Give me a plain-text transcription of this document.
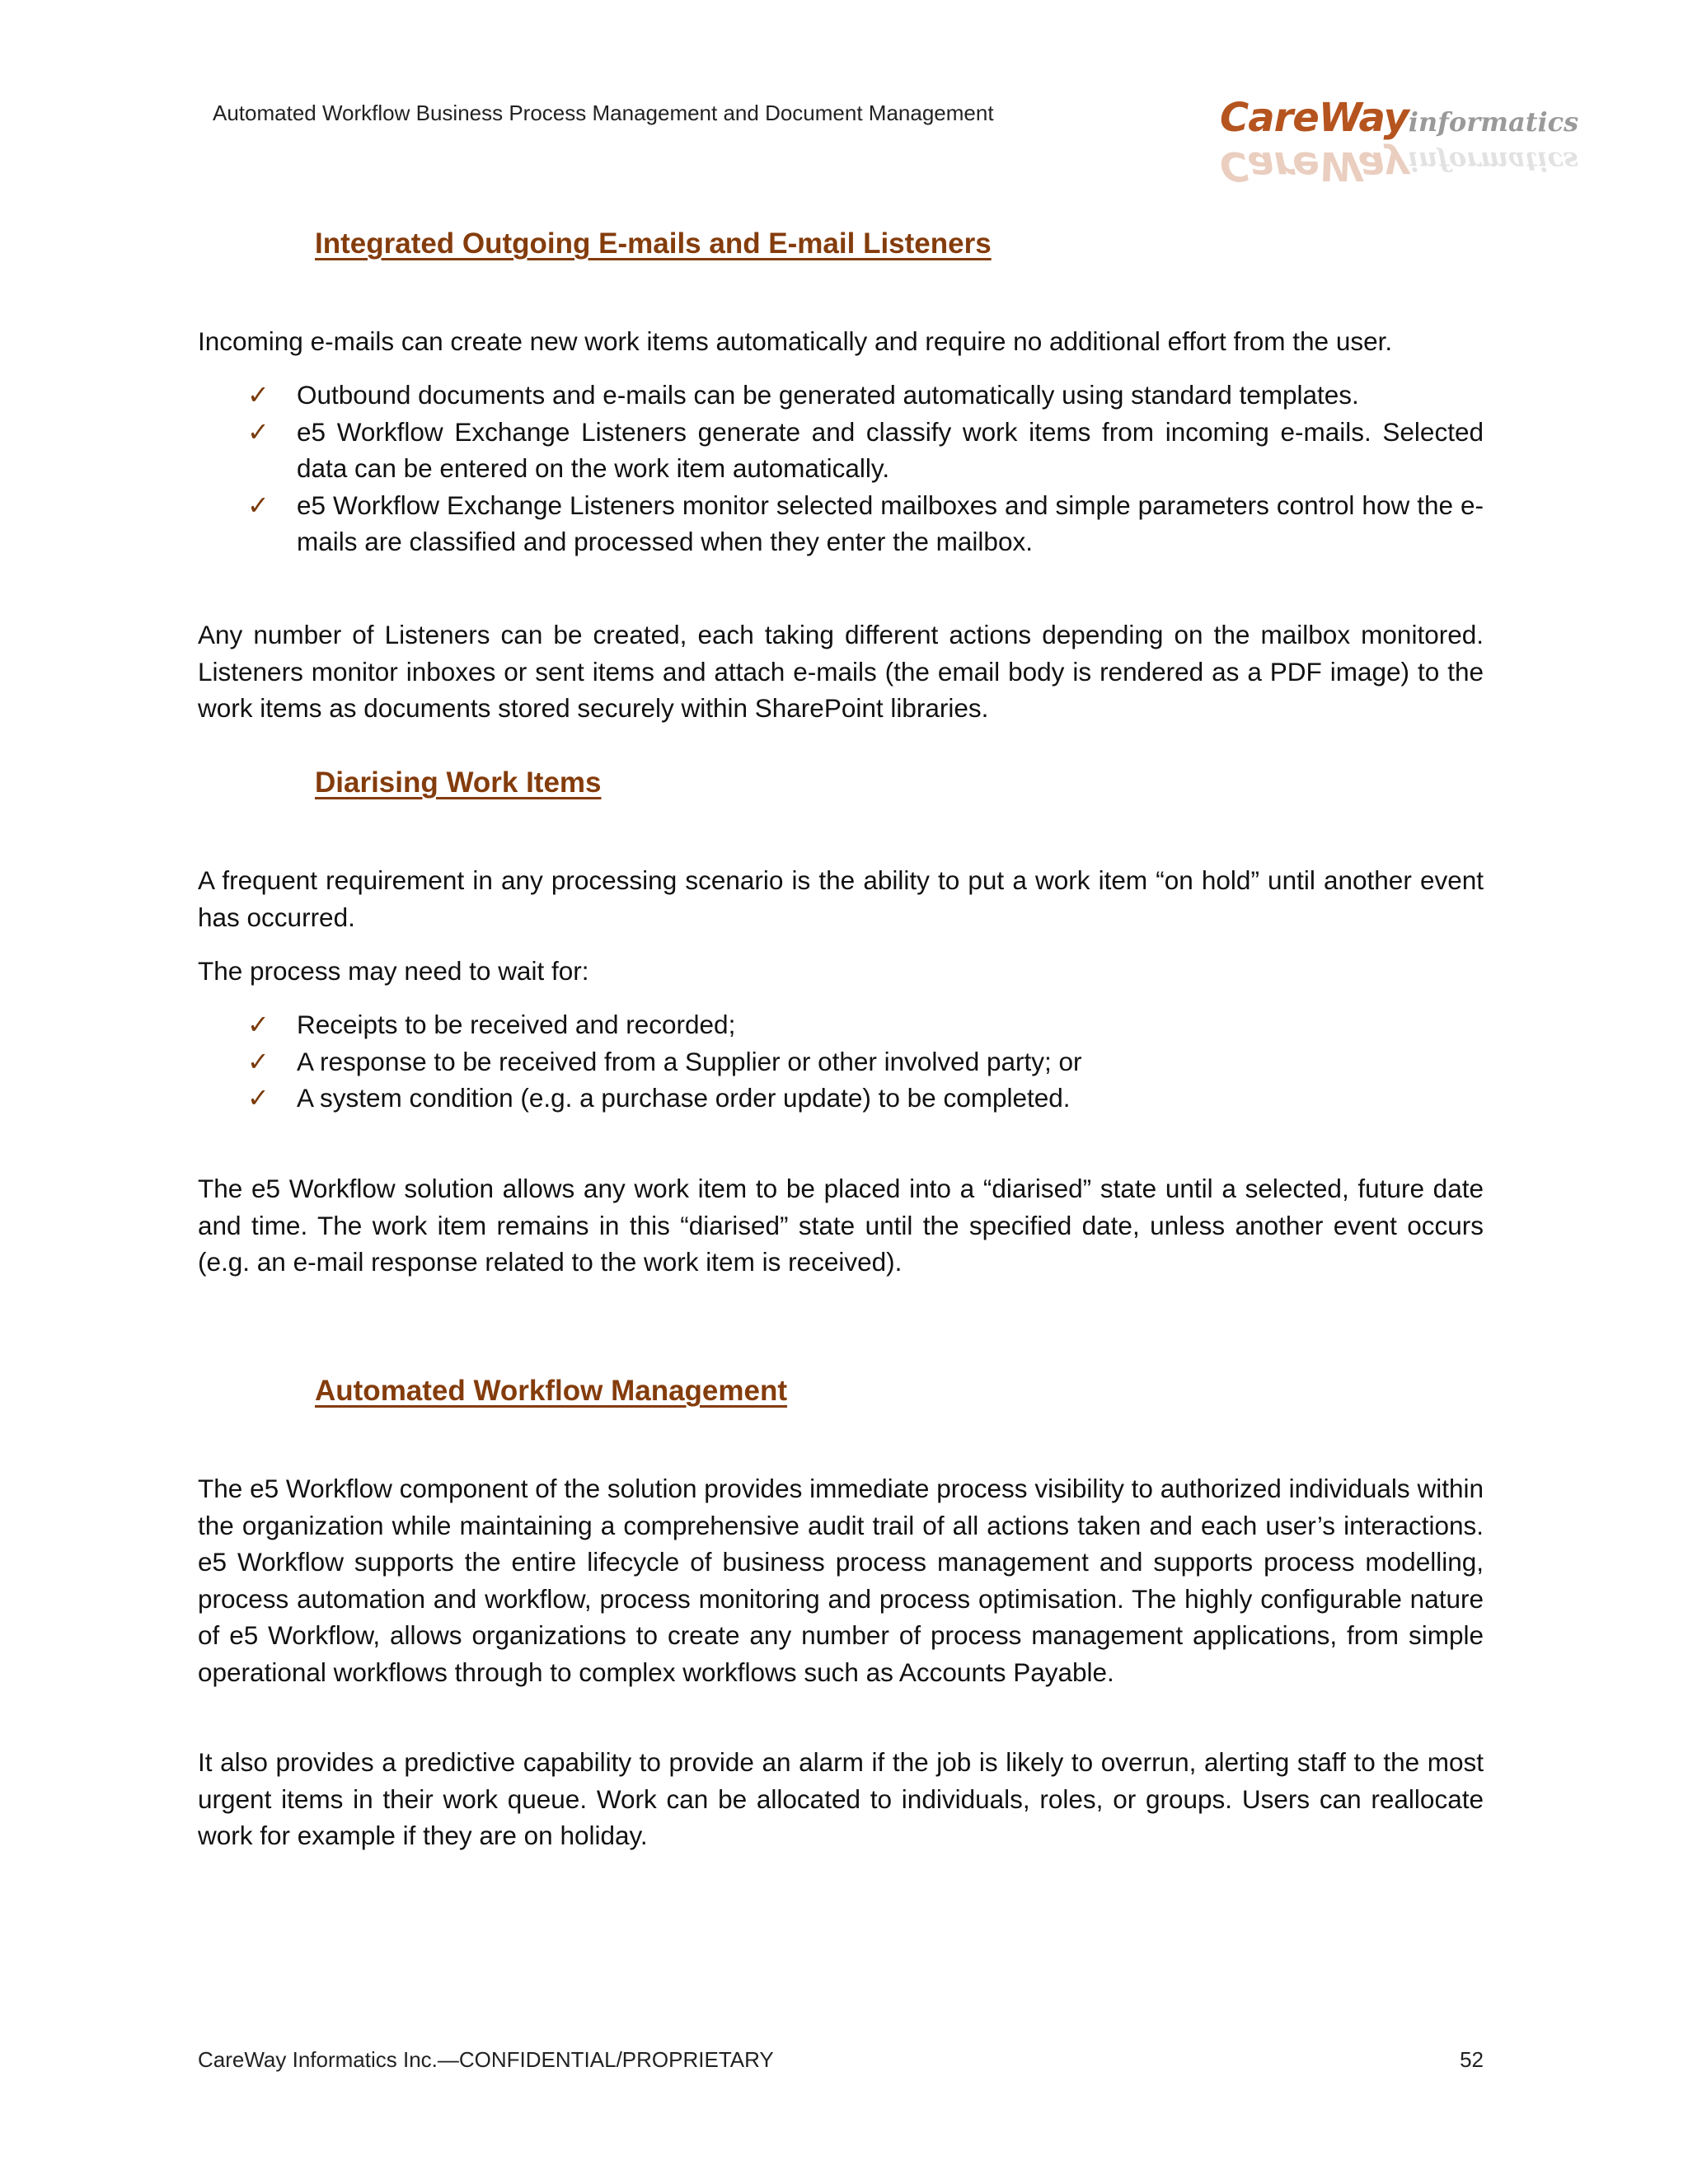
Automated Workflow Business Process Management and Document Management	CareWayinformatics
CareWayinformatics
Integrated Outgoing E-mails and E-mail Listeners
Incoming e-mails can create new work items automatically and require no additional effort from the user.
✓ Outbound documents and e-mails can be generated automatically using standard templates.
✓ e5 Workflow Exchange Listeners generate and classify work items from incoming e-mails. Selected data can be entered on the work item automatically.
✓ e5 Workflow Exchange Listeners monitor selected mailboxes and simple parameters control how the e-mails are classified and processed when they enter the mailbox.
Any number of Listeners can be created, each taking different actions depending on the mailbox monitored. Listeners monitor inboxes or sent items and attach e-mails (the email body is rendered as a PDF image) to the work items as documents stored securely within SharePoint libraries.
Diarising Work Items
A frequent requirement in any processing scenario is the ability to put a work item “on hold” until another event has occurred.
The process may need to wait for:
✓ Receipts to be received and recorded;
✓ A response to be received from a Supplier or other involved party; or
✓ A system condition (e.g. a purchase order update) to be completed.
The e5 Workflow solution allows any work item to be placed into a “diarised” state until a selected, future date and time. The work item remains in this “diarised” state until the specified date, unless another event occurs (e.g. an e-mail response related to the work item is received).
Automated Workflow Management
The e5 Workflow component of the solution provides immediate process visibility to authorized individuals within the organization while maintaining a comprehensive audit trail of all actions taken and each user’s interactions. e5 Workflow supports the entire lifecycle of business process management and supports process modelling, process automation and workflow, process monitoring and process optimisation. The highly configurable nature of e5 Workflow, allows organizations to create any number of process management applications, from simple operational workflows through to complex workflows such as Accounts Payable.
It also provides a predictive capability to provide an alarm if the job is likely to overrun, alerting staff to the most urgent items in their work queue. Work can be allocated to individuals, roles, or groups. Users can reallocate work for example if they are on holiday.
CareWay Informatics Inc.—CONFIDENTIAL/PROPRIETARY	52
